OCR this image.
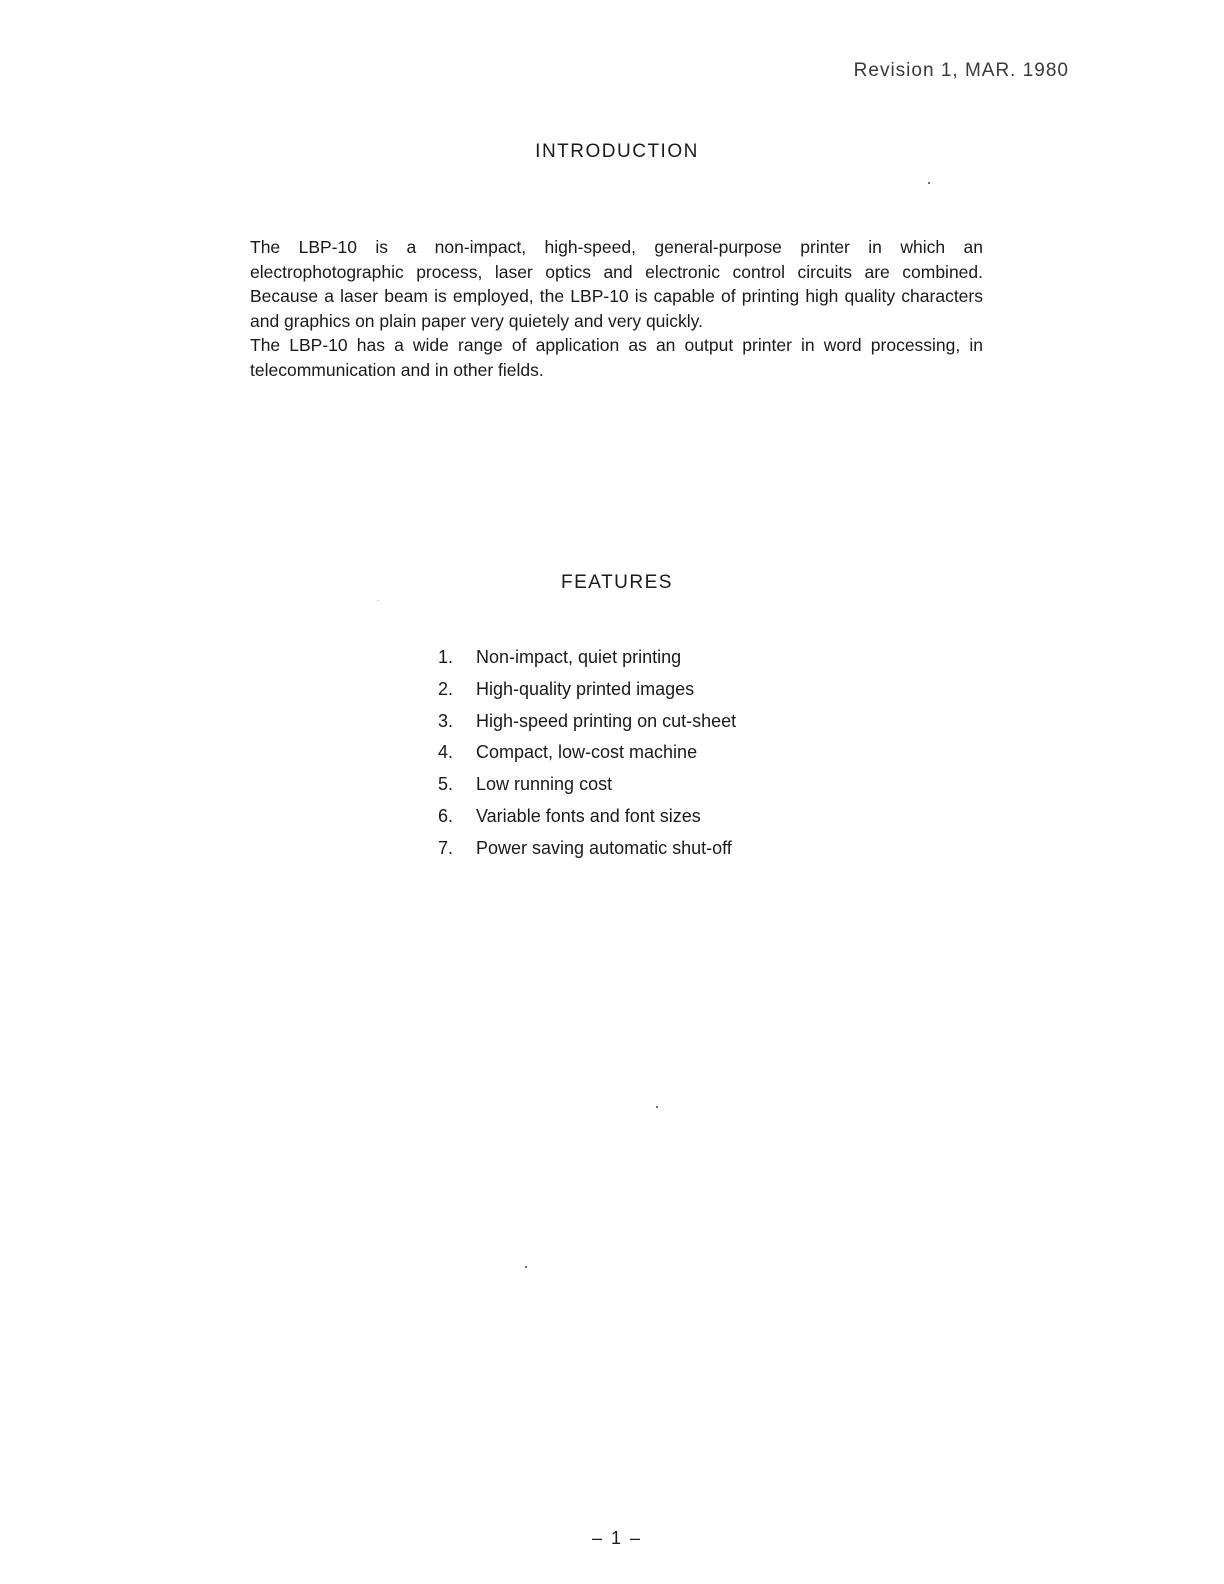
Revision 1, MAR. 1980
INTRODUCTION

The LBP-10 is a non-impact, high-speed, general-purpose printer in which an electrophotographic process, laser optics and electronic control circuits are combined. Because a laser beam is employed, the LBP-10 is capable of printing high quality characters and graphics on plain paper very quietely and very quickly.

The LBP-10 has a wide range of application as an output printer in word processing, in telecommunication and in other fields.

FEATURES
1. Non-impact, quiet printing
2. High-quality printed images
3. High-speed printing on cut-sheet
4. Compact, low-cost machine
5. Low running cost
6. Variable fonts and font sizes
7. Power saving automatic shut-off
– 1 –
